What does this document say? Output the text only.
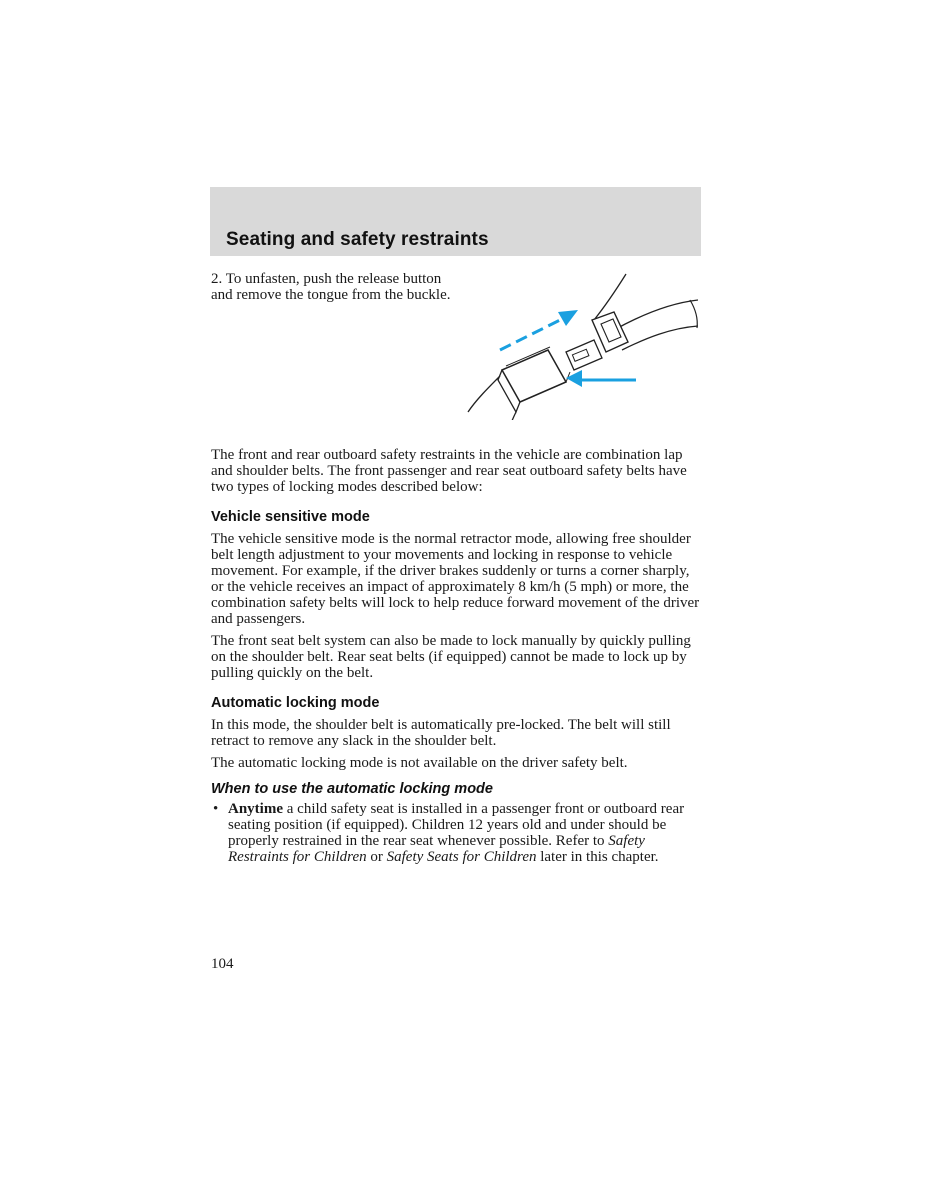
Seating and safety restraints

2. To unfasten, push the release button and remove the tongue from the buckle.

The front and rear outboard safety restraints in the vehicle are combination lap and shoulder belts. The front passenger and rear seat outboard safety belts have two types of locking modes described below:

Vehicle sensitive mode

The vehicle sensitive mode is the normal retractor mode, allowing free shoulder belt length adjustment to your movements and locking in response to vehicle movement. For example, if the driver brakes suddenly or turns a corner sharply, or the vehicle receives an impact of approximately 8 km/h (5 mph) or more, the combination safety belts will lock to help reduce forward movement of the driver and passengers.

The front seat belt system can also be made to lock manually by quickly pulling on the shoulder belt. Rear seat belts (if equipped) cannot be made to lock up by pulling quickly on the belt.

Automatic locking mode

In this mode, the shoulder belt is automatically pre-locked. The belt will still retract to remove any slack in the shoulder belt.

The automatic locking mode is not available on the driver safety belt.

When to use the automatic locking mode

• Anytime a child safety seat is installed in a passenger front or outboard rear seating position (if equipped). Children 12 years old and under should be properly restrained in the rear seat whenever possible. Refer to Safety Restraints for Children or Safety Seats for Children later in this chapter.

104
